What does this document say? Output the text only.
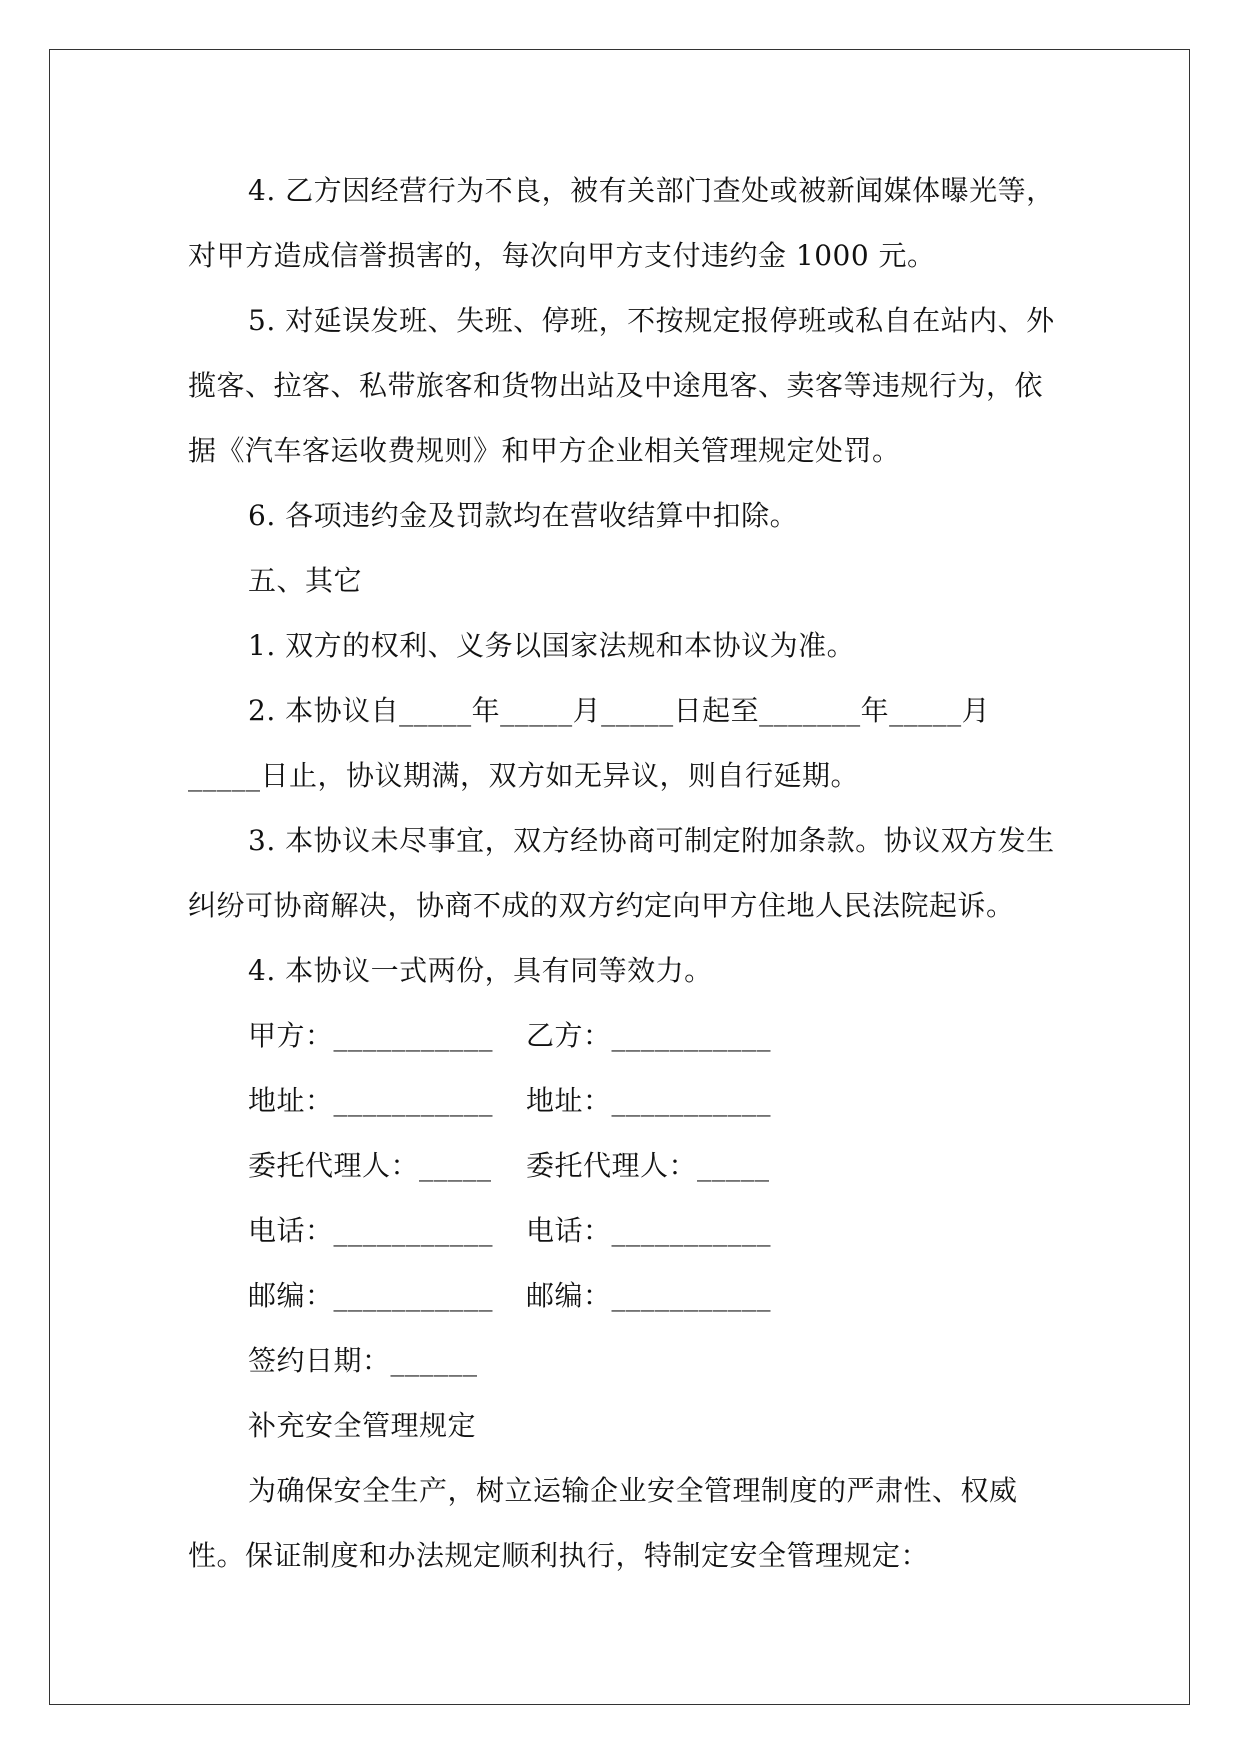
4. 乙方因经营行为不良，被有关部门查处或被新闻媒体曝光等，对甲方造成信誉损害的，每次向甲方支付违约金 1000 元。

5. 对延误发班、失班、停班，不按规定报停班或私自在站内、外揽客、拉客、私带旅客和货物出站及中途甩客、卖客等违规行为，依据《汽车客运收费规则》和甲方企业相关管理规定处罚。

6. 各项违约金及罚款均在营收结算中扣除。

五、其它

1. 双方的权利、义务以国家法规和本协议为准。

2. 本协议自_____年_____月_____日起至_______年_____月_____日止，协议期满，双方如无异议，则自行延期。

3. 本协议未尽事宜，双方经协商可制定附加条款。协议双方发生纠纷可协商解决，协商不成的双方约定向甲方住地人民法院起诉。

4. 本协议一式两份，具有同等效力。

甲方：___________	乙方：___________
地址：___________	地址：___________
委托代理人：_____	委托代理人：_____
电话：___________	电话：___________
邮编：___________	邮编：___________

签约日期：______

补充安全管理规定

为确保安全生产，树立运输企业安全管理制度的严肃性、权威性。保证制度和办法规定顺利执行，特制定安全管理规定：
